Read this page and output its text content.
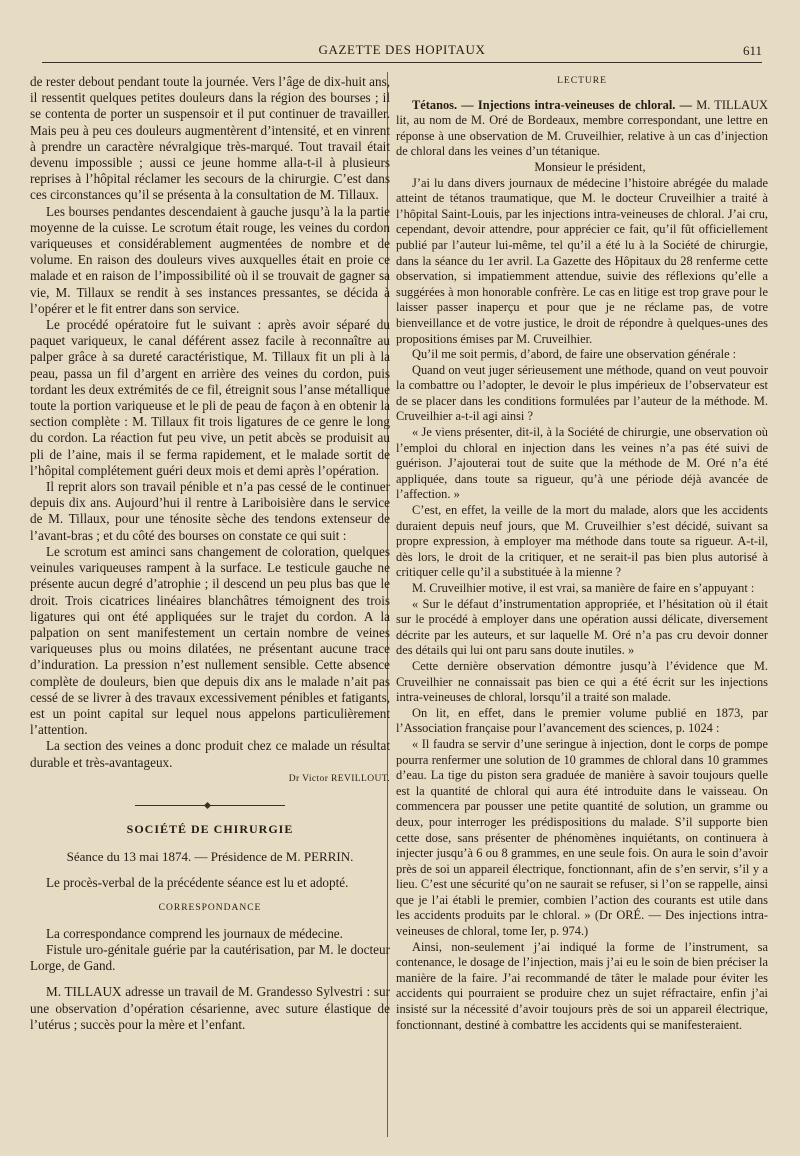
GAZETTE DES HOPITAUX	611

de rester debout pendant toute la journée. Vers l’âge de dix-huit ans, il ressentit quelques petites douleurs dans la région des bourses ; il se contenta de porter un suspensoir et il put continuer de travailler. Mais peu à peu ces douleurs augmentèrent d’intensité, et en vinrent à prendre un caractère névralgique très-marqué. Tout travail était devenu impossible ; aussi ce jeune homme alla-t-il à plusieurs reprises à l’hôpital réclamer les secours de la chirurgie. C’est dans ces circonstances qu’il se présenta à la consultation de M. Tillaux.

Les bourses pendantes descendaient à gauche jusqu’à la la partie moyenne de la cuisse. Le scrotum était rouge, les veines du cordon variqueuses et considérablement augmentées de nombre et de volume. En raison des douleurs vives auxquelles était en proie ce malade et en raison de l’impossibilité où il se trouvait de gagner sa vie, M. Tillaux se rendit à ses instances pressantes, se décida à l’opérer et le fit entrer dans son service.

Le procédé opératoire fut le suivant : après avoir séparé du paquet variqueux, le canal déférent assez facile à reconnaître au palper grâce à sa dureté caractéristique, M. Tillaux fit un pli à la peau, passa un fil d’argent en arrière des veines du cordon, puis tordant les deux extrémités de ce fil, étreignit sous l’anse métallique toute la portion variqueuse et le pli de peau de façon à en obtenir la section complète : M. Tillaux fit trois ligatures de ce genre le long du cordon. La réaction fut peu vive, un petit abcès se produisit au pli de l’aine, mais il se ferma rapidement, et le malade sortit de l’hôpital complétement guéri deux mois et demi après l’opération.

Il reprit alors son travail pénible et n’a pas cessé de le continuer depuis dix ans. Aujourd’hui il rentre à Lariboisière dans le service de M. Tillaux, pour une ténosite sèche des tendons extenseur de l’avant-bras ; et du côté des bourses on constate ce qui suit :

Le scrotum est aminci sans changement de coloration, quelques veinules variqueuses rampent à la surface. Le testicule gauche ne présente aucun degré d’atrophie ; il descend un peu plus bas que le droit. Trois cicatrices linéaires blanchâtres témoignent des trois ligatures qui ont été appliquées sur le trajet du cordon. A la palpation on sent manifestement un certain nombre de veines variqueuses plus ou moins dilatées, ne présentant aucune trace d’induration. La pression n’est nullement sensible. Cette absence complète de douleurs, bien que depuis dix ans le malade n’ait pas cessé de se livrer à des travaux excessivement pénibles et fatigants, est un point capital sur lequel nous appelons particulièrement l’attention.

La section des veines a donc produit chez ce malade un résultat durable et très-avantageux.

Dr Victor REVILLOUT.
SOCIÉTÉ DE CHIRURGIE
Séance du 13 mai 1874. — Présidence de M. PERRIN.

Le procès-verbal de la précédente séance est lu et adopté.

CORRESPONDANCE

La correspondance comprend les journaux de médecine.

Fistule uro-génitale guérie par la cautérisation, par M. le docteur Lorge, de Gand.

M. TILLAUX adresse un travail de M. Grandesso Sylvestri : sur une observation d’opération césarienne, avec suture élastique de l’utérus ; succès pour la mère et l’enfant.

LECTURE

Tétanos. — Injections intra-veineuses de chloral. — M. TILLAUX lit, au nom de M. Oré de Bordeaux, membre correspondant, une lettre en réponse à une observation de M. Cruveilhier, relative à un cas d’injection de chloral dans les veines d’un tétanique.

Monsieur le président,

J’ai lu dans divers journaux de médecine l’histoire abrégée du malade atteint de tétanos traumatique, que M. le docteur Cruveilhier a traité à l’hôpital Saint-Louis, par les injections intra-veineuses de chloral. J’ai cru, cependant, devoir attendre, pour apprécier ce fait, qu’il fût officiellement publié par l’auteur lui-même, tel qu’il a été lu à la Société de chirurgie, dans la séance du 1er avril. La Gazette des Hôpitaux du 28 renferme cette observation, si impatiemment attendue, suivie des réflexions qu’elle a suggérées à mon honorable confrère. Le cas en litige est trop grave pour le laisser passer inaperçu et pour que je ne réclame pas, de votre bienveillance et de votre justice, le droit de répondre à quelques-unes des propositions émises par M. Cruveilhier.

Qu’il me soit permis, d’abord, de faire une observation générale :

Quand on veut juger sérieusement une méthode, quand on veut pouvoir la combattre ou l’adopter, le devoir le plus impérieux de l’observateur est de se placer dans les conditions formulées par l’auteur de la méthode. M. Cruveilhier a-t-il agi ainsi ?

« Je viens présenter, dit-il, à la Société de chirurgie, une observation où l’emploi du chloral en injection dans les veines n’a pas été suivi de guérison. J’ajouterai tout de suite que la méthode de M. Oré n’a été appliquée, dans toute sa rigueur, qu’à une période déjà avancée de l’affection. »

C’est, en effet, la veille de la mort du malade, alors que les accidents duraient depuis neuf jours, que M. Cruveilhier s’est décidé, suivant sa propre expression, à employer ma méthode dans toute sa rigueur. A-t-il, dès lors, le droit de la critiquer, et ne serait-il pas bien plus autorisé à critiquer celle qu’il a substituée à la mienne ?

M. Cruveilhier motive, il est vrai, sa manière de faire en s’appuyant :

« Sur le défaut d’instrumentation appropriée, et l’hésitation où il était sur le procédé à employer dans une opération aussi délicate, diversement décrite par les auteurs, et sur laquelle M. Oré n’a pas cru devoir donner des détails qui lui ont paru sans doute inutiles. »

Cette dernière observation démontre jusqu’à l’évidence que M. Cruveilhier ne connaissait pas bien ce qui a été écrit sur les injections intra-veineuses de chloral, lorsqu’il a traité son malade.

On lit, en effet, dans le premier volume publié en 1873, par l’Association française pour l’avancement des sciences, p. 1024 :

« Il faudra se servir d’une seringue à injection, dont le corps de pompe pourra renfermer une solution de 10 grammes de chloral dans 10 grammes d’eau. La tige du piston sera graduée de manière à savoir toujours quelle est la quantité de chloral qui aura été introduite dans le vaisseau. On commencera par pousser une petite quantité de solution, un gramme ou deux, pour interroger les prédispositions du malade. S’il supporte bien cette dose, sans présenter de phénomènes inquiétants, on continuera à injecter jusqu’à 6 ou 8 grammes, en une seule fois. On aura le soin d’avoir près de soi un appareil électrique, fonctionnant, afin de s’en servir, s’il y a lieu. C’est une sécurité qu’on ne saurait se refuser, si l’on se rappelle, ainsi que je l’ai établi le premier, combien l’action des courants est utile dans les accidents produits par le chloral. » (Dr ORÉ. — Des injections intra-veineuses de chloral, tome Ier, p. 974.)

Ainsi, non-seulement j’ai indiqué la forme de l’instrument, sa contenance, le dosage de l’injection, mais j’ai eu le soin de bien préciser la manière de la faire. J’ai recommandé de tâter le malade pour éviter les accidents qui pourraient se produire chez un sujet réfractaire, enfin j’ai insisté sur la nécessité d’avoir toujours près de soi un appareil électrique, fonctionnant, destiné à combattre les accidents qui se manifesteraient.
